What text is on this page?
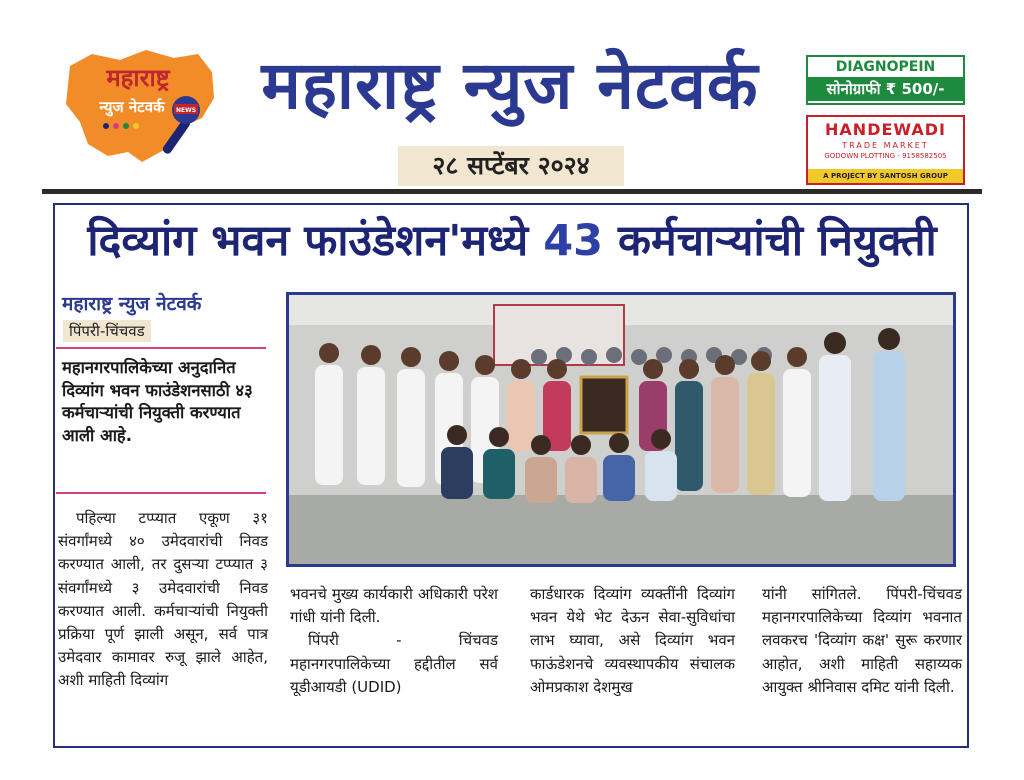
महाराष्ट्र
न्युज नेटवर्क NEWS महाराष्ट्र न्युज नेटवर्क
२८ सप्टेंबर २०२४
DIAGNOPEIN
सोनोग्राफी ₹ 500/-
HANDEWADI
TRADE MARKET
GODOWN PLOTTING - 9158582505
A PROJECT BY SANTOSH GROUP
दिव्यांग भवन फाउंडेशन'मध्ये 43 कर्मचाऱ्यांची नियुक्ती
महाराष्ट्र न्युज नेटवर्क
पिंपरी-चिंचवड
महानगरपालिकेच्या अनुदानित दिव्यांग भवन फाउंडेशनसाठी ४३ कर्मचाऱ्यांची नियुक्ती करण्यात आली आहे.

पहिल्या टप्प्यात एकूण ३१ संवर्गांमध्ये ४० उमेदवारांची निवड करण्यात आली, तर दुसऱ्या टप्प्यात ३ संवर्गांमध्ये ३ उमेदवारांची निवड करण्यात आली. कर्मचाऱ्यांची नियुक्ती प्रक्रिया पूर्ण झाली असून, सर्व पात्र उमेदवार कामावर रुजू झाले आहेत, अशी माहिती दिव्यांग

भवनचे मुख्य कार्यकारी अधिकारी परेश गांधी यांनी दिली.

पिंपरी - चिंचवड महानगरपालिकेच्या हद्दीतील सर्व यूडीआयडी (UDID)

कार्डधारक दिव्यांग व्यक्तींनी दिव्यांग भवन येथे भेट देऊन सेवा-सुविधांचा लाभ घ्यावा, असे दिव्यांग भवन फाऊंडेशनचे व्यवस्थापकीय संचालक ओमप्रकाश देशमुख

यांनी सांगितले. पिंपरी-चिंचवड महानगरपालिकेच्या दिव्यांग भवनात लवकरच 'दिव्यांग कक्ष' सुरू करणार आहोत, अशी माहिती सहाय्यक आयुक्त श्रीनिवास दमिट यांनी दिली.
